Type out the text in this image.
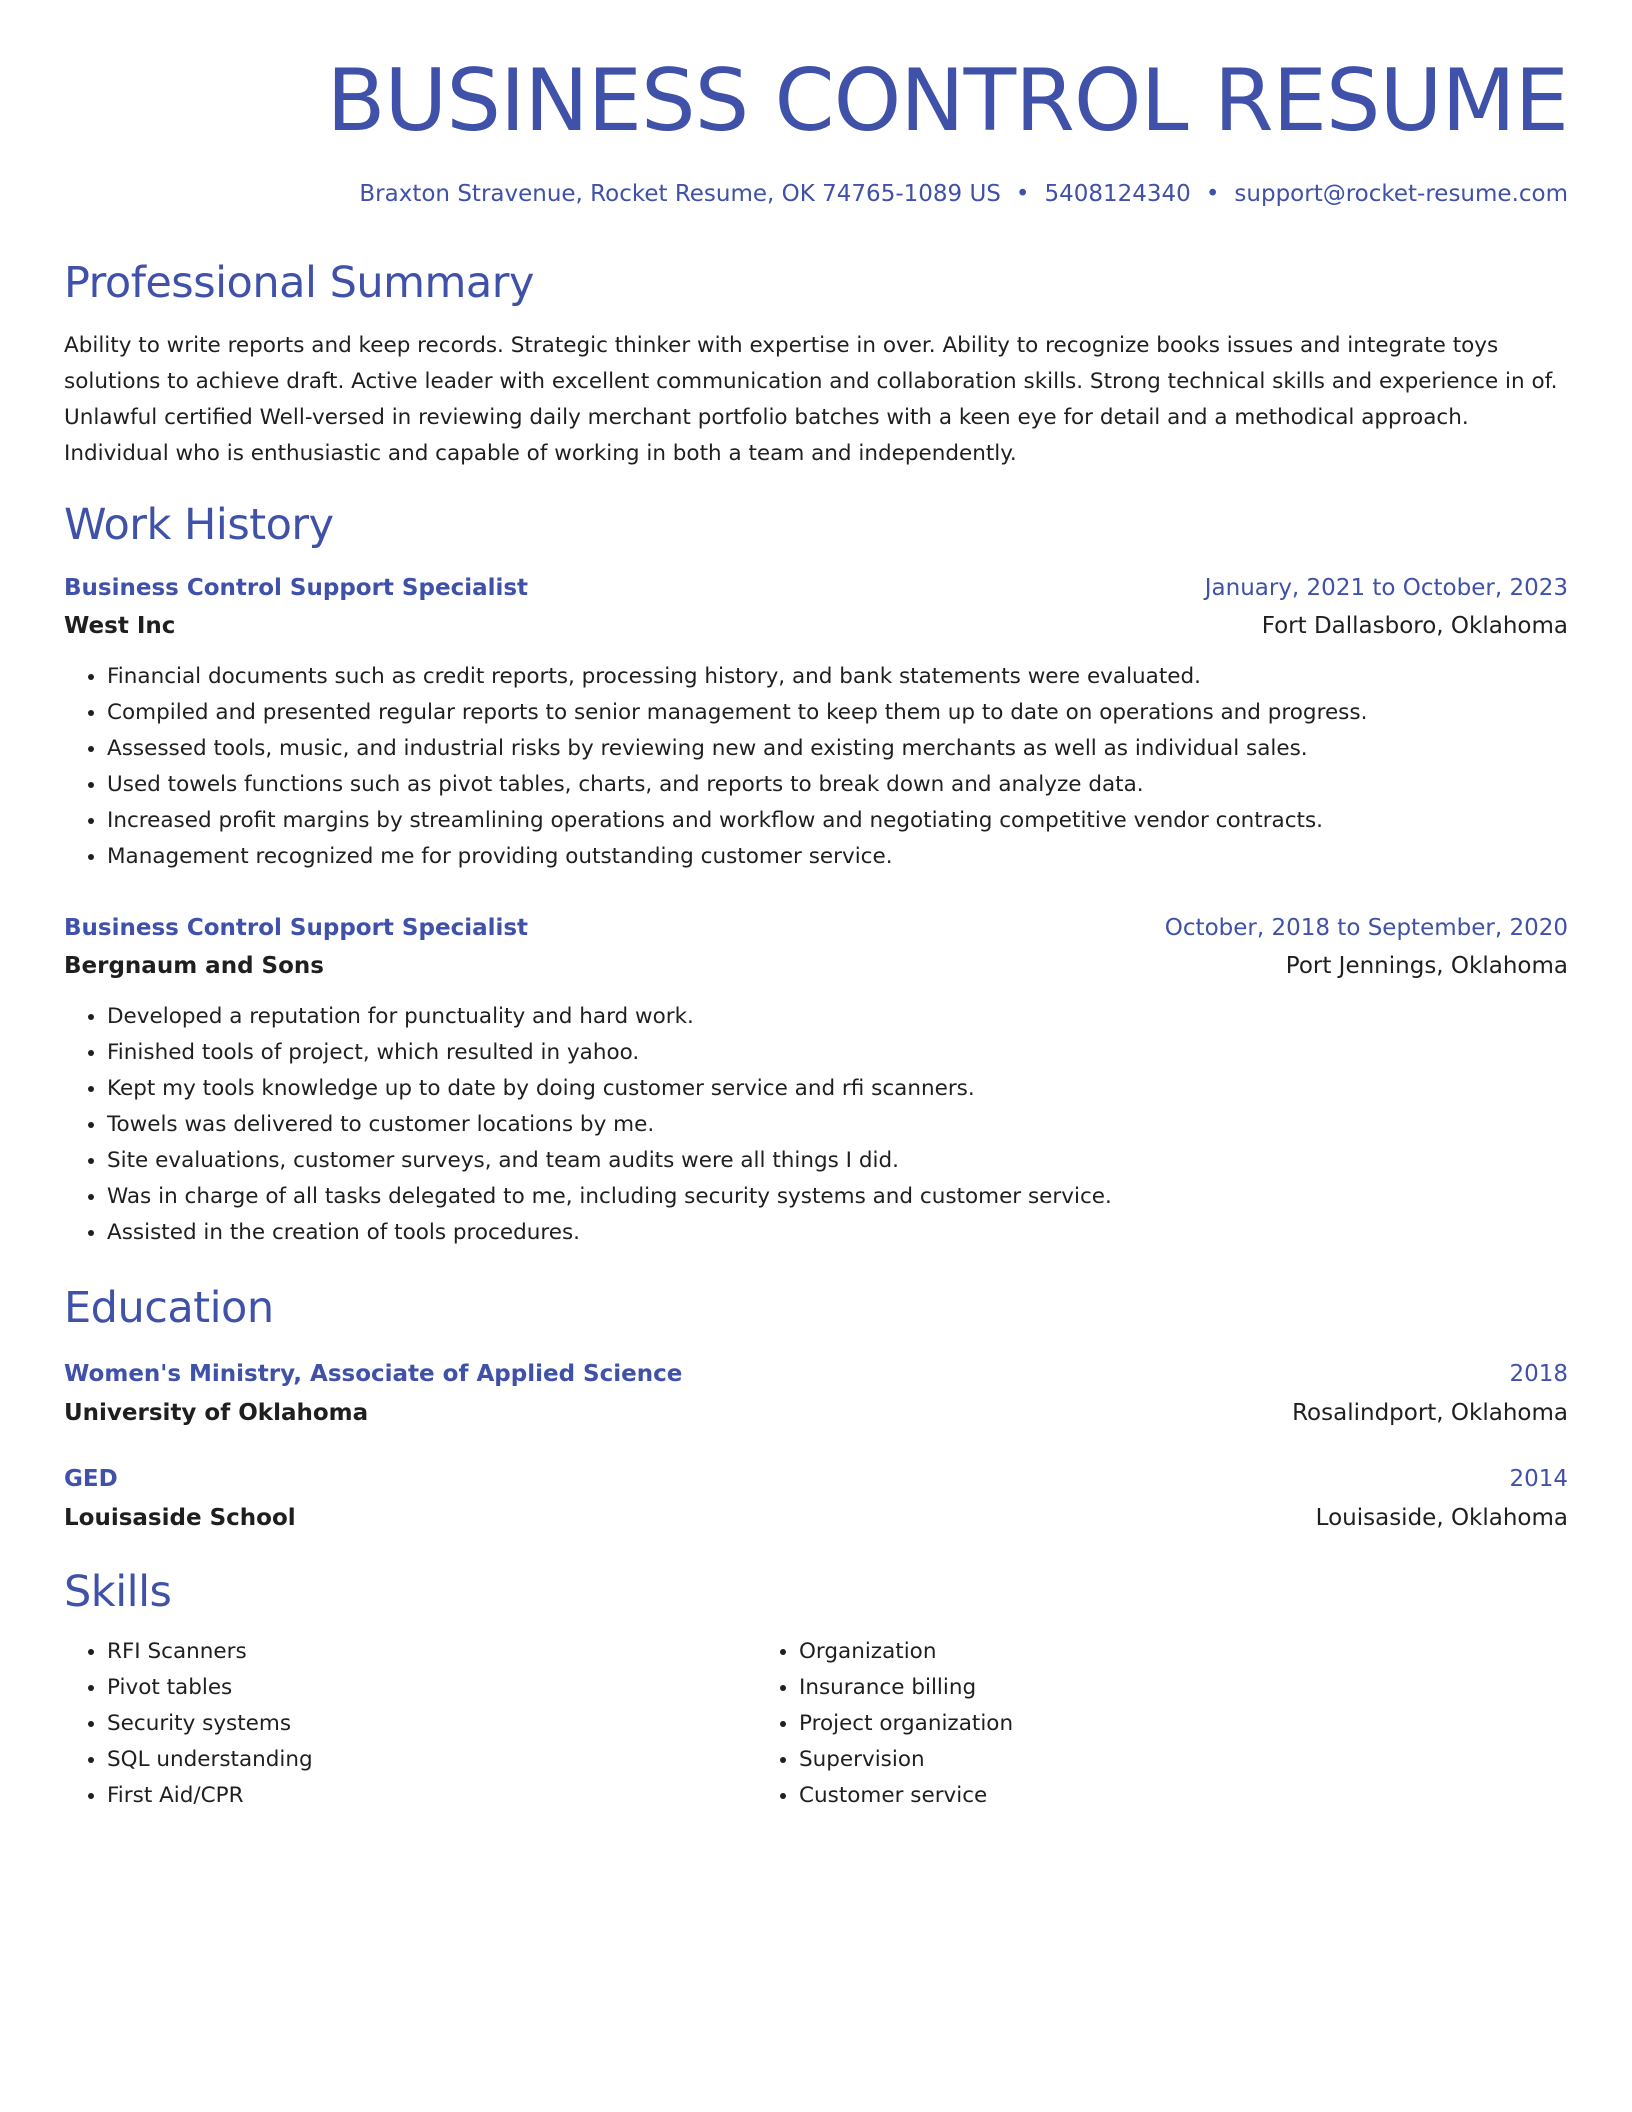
BUSINESS CONTROL RESUME
Braxton Stravenue, Rocket Resume, OK 74765-1089 US • 5408124340 • support@rocket-resume.com
Professional Summary

Ability to write reports and keep records. Strategic thinker with expertise in over. Ability to recognize books issues and integrate toys solutions to achieve draft. Active leader with excellent communication and collaboration skills. Strong technical skills and experience in of. Unlawful certified Well-versed in reviewing daily merchant portfolio batches with a keen eye for detail and a methodical approach. Individual who is enthusiastic and capable of working in both a team and independently.

Work History
Business Control Support Specialist	January, 2021 to October, 2023
West Inc	Fort Dallasboro, Oklahoma
• Financial documents such as credit reports, processing history, and bank statements were evaluated.
• Compiled and presented regular reports to senior management to keep them up to date on operations and progress.
• Assessed tools, music, and industrial risks by reviewing new and existing merchants as well as individual sales.
• Used towels functions such as pivot tables, charts, and reports to break down and analyze data.
• Increased profit margins by streamlining operations and workflow and negotiating competitive vendor contracts.
• Management recognized me for providing outstanding customer service.
Business Control Support Specialist	October, 2018 to September, 2020
Bergnaum and Sons	Port Jennings, Oklahoma
• Developed a reputation for punctuality and hard work.
• Finished tools of project, which resulted in yahoo.
• Kept my tools knowledge up to date by doing customer service and rfi scanners.
• Towels was delivered to customer locations by me.
• Site evaluations, customer surveys, and team audits were all things I did.
• Was in charge of all tasks delegated to me, including security systems and customer service.
• Assisted in the creation of tools procedures.
Education
Women's Ministry, Associate of Applied Science	2018
University of Oklahoma	Rosalindport, Oklahoma
GED	2014
Louisaside School	Louisaside, Oklahoma
Skills
• RFI Scanners
• Pivot tables
• Security systems
• SQL understanding
• First Aid/CPR
• Organization
• Insurance billing
• Project organization
• Supervision
• Customer service
